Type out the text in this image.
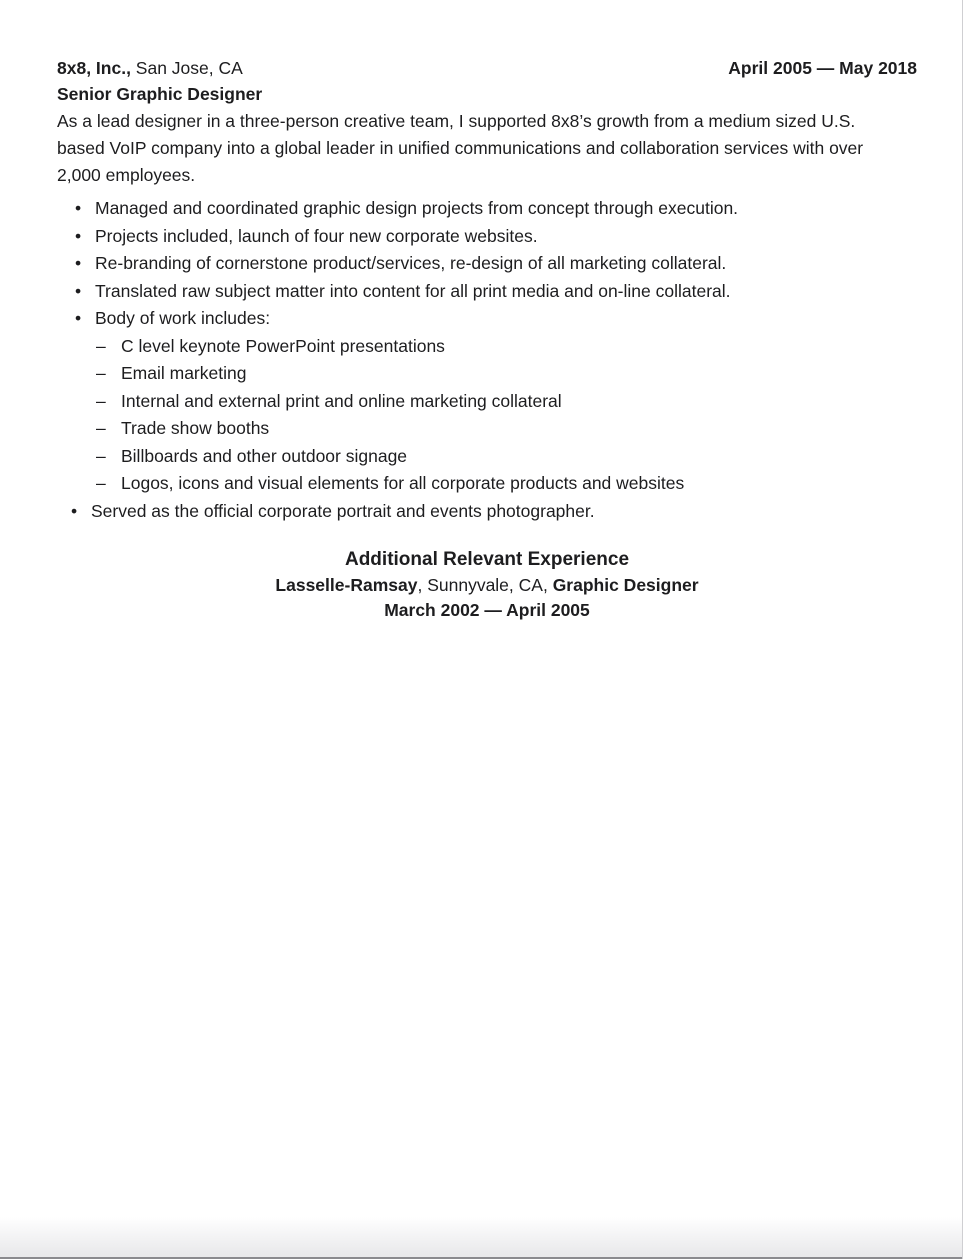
8x8, Inc., San Jose, CA	April 2005 — May 2018
Senior Graphic Designer
As a lead designer in a three-person creative team, I supported 8x8’s growth from a medium sized U.S. based VoIP company into a global leader in unified communications and collaboration services with over 2,000 employees.
• Managed and coordinated graphic design projects from concept through execution.
• Projects included, launch of four new corporate websites.
• Re-branding of cornerstone product/services, re-design of all marketing collateral.
• Translated raw subject matter into content for all print media and on-line collateral.
• Body of work includes:
– C level keynote PowerPoint presentations
– Email marketing
– Internal and external print and online marketing collateral
– Trade show booths
– Billboards and other outdoor signage
– Logos, icons and visual elements for all corporate products and websites
• Served as the official corporate portrait and events photographer.
Additional Relevant Experience
Lasselle-Ramsay, Sunnyvale, CA, Graphic Designer
March 2002 — April 2005
